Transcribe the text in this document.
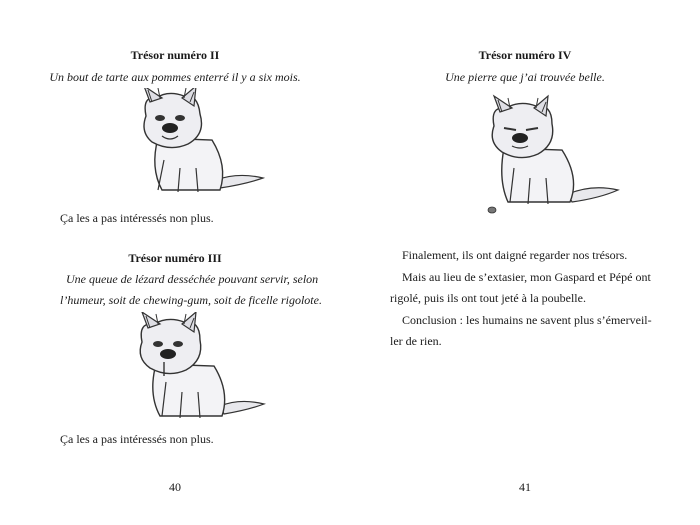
Trésor numéro II
Un bout de tarte aux pommes enterré il y a six mois.
Ça les a pas intéressés non plus.
Trésor numéro III
Une queue de lézard desséchée pouvant servir, selon
l’humeur, soit de chewing-gum, soit de ficelle rigolote.
Ça les a pas intéressés non plus.
40
Trésor numéro IV
Une pierre que j’ai trouvée belle.
Finalement, ils ont daigné regarder nos trésors.
Mais au lieu de s’extasier, mon Gaspard et Pépé ont
rigolé, puis ils ont tout jeté à la poubelle.
Conclusion : les humains ne savent plus s’émerveil-
ler de rien.
41
